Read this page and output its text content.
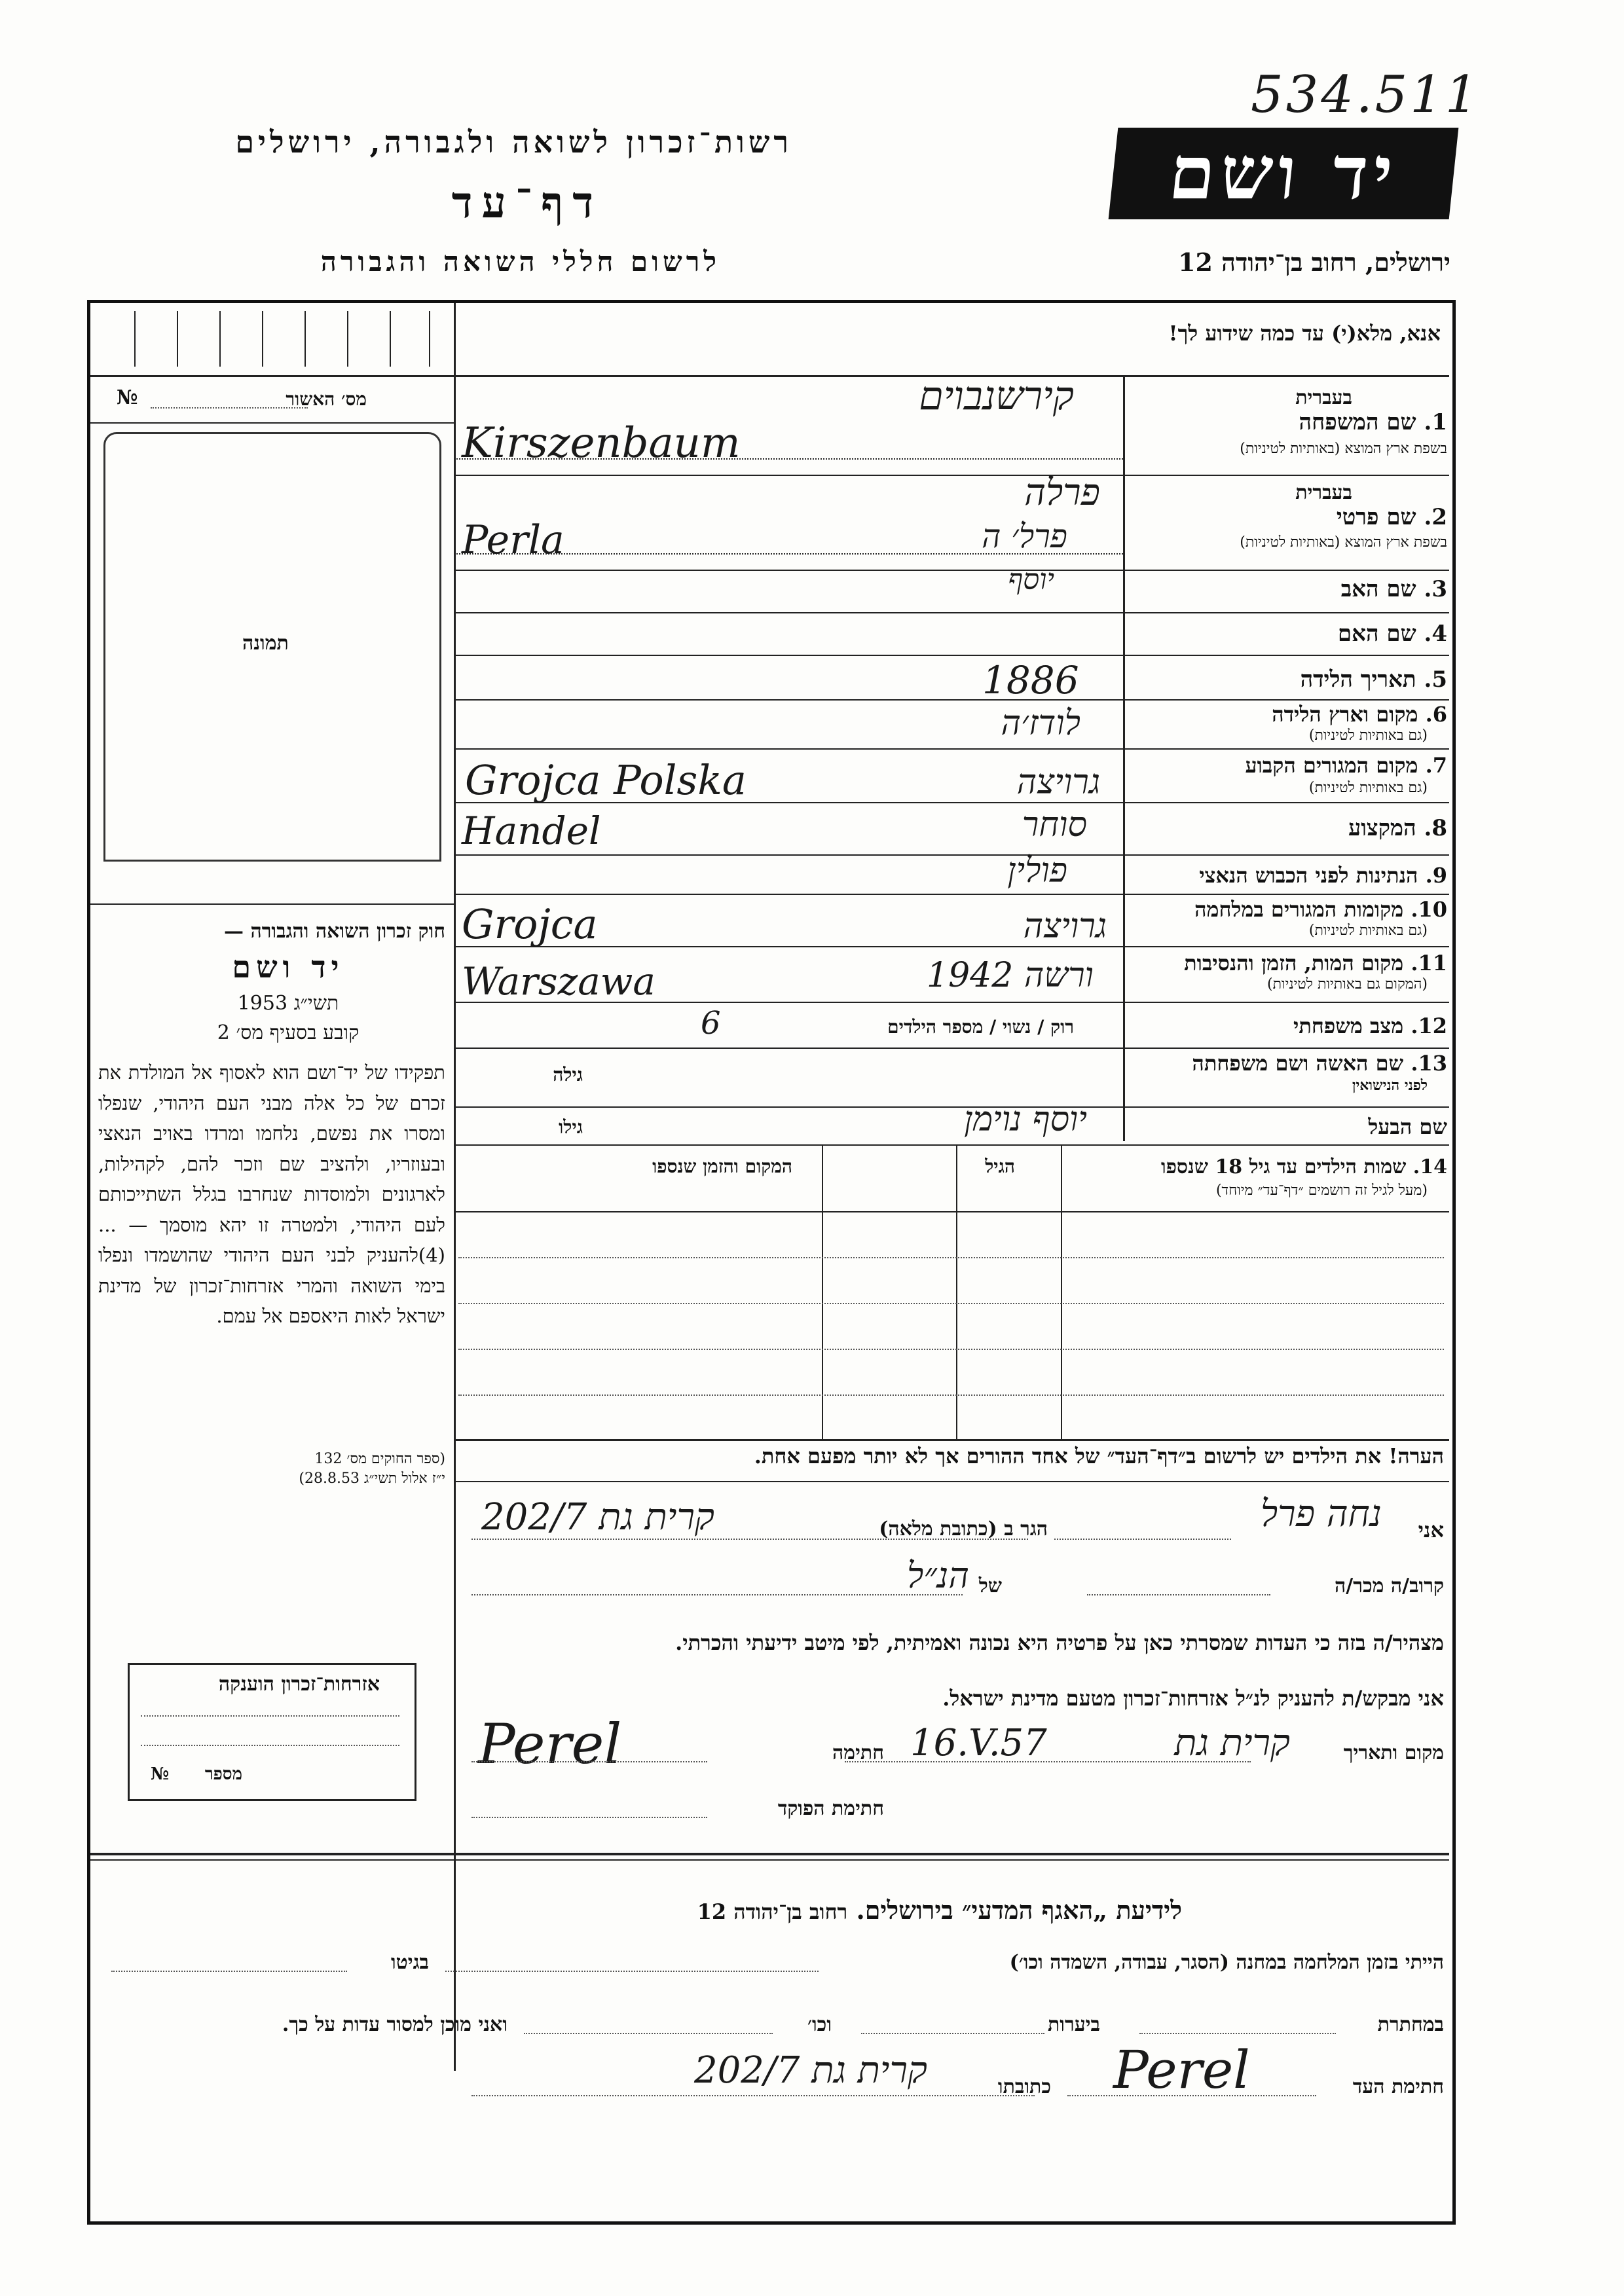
534.511
רשות־זכרון לשואה ולגבורה, ירושלים
דף־עד
לרשום חללי השואה והגבורה
יד ושם
ירושלים, רחוב בן־יהודה 12
אנא, מלא(י) עד כמה שידוע לך!
מס׳ האשור
№
תמונה
בעברית
1. שם המשפחה
בשפת ארץ המוצא (באותיות לטיניות)
קירשנבוים
Kirszenbaum
בעברית
2. שם פרטי
בשפת ארץ המוצא (באותיות לטיניות)
פרלה
Perla	פרל׳ ה
3. שם האב
יוסף
4. שם האם
5. תאריך הלידה
1886
6. מקום וארץ הלידה
(גם באותיות לטיניות)
לודז׳ה
7. מקום המגורים הקבוע
(גם באותיות לטיניות)
גרויצה
Grojca Polska
8. המקצוע
סוחר
Handel
9. הנתינות לפני הכבוש הנאצי
פולין
10. מקומות המגורים במלחמה
(גם באותיות לטיניות)
גרויצה
Grojca
11. מקום המות, הזמן והנסיבות
(המקום גם באותיות לטיניות)
ורשה 1942
Warszawa
12. מצב משפחתי
רוק / נשוי / מספר הילדים
6
13. שם האשה ושם משפחתה
לפני הנישואין
גילה
שם הבעל
גילו	יוסף נוימן
14. שמות הילדים עד גיל 18 שנספו
(מעל לגיל זה רושמים ״דף־עד״ מיוחד)
הגיל
המקום והזמן שנספו
חוק זכרון השואה והגבורה —
יד ושם
תשי״ג 1953
קובע בסעיף מס׳ 2
תפקידו של יד־ושם הוא לאסוף אל המולדת את זכרם של כל אלה מבני העם היהודי, שנפלו ומסרו את נפשם, נלחמו ומרדו באויב הנאצי ובעוזריו, ולהציב שם וזכר להם, לקהילות, לארגונים ולמוסדות שנחרבו בגלל השתייכותם לעם היהודי, ולמטרה זו יהא מוסמך — ...(4)להעניק לבני העם היהודי שהושמדו ונפלו בימי השואה והמרי אזרחות־זכרון של מדינת ישראל לאות היאספם אל עמם.
(ספר החוקים מס׳ 132
י״ז אלול תשי״ג 28.8.53)
הערה! את הילדים יש לרשום ב״דף־העד״ של אחד ההורים אך לא יותר מפעם אחת.
אני
נחה פרל
הגר ב (כתובת מלאה)
קרית גת 202/7
קרוב/ה מכר/ה
של
הנ״ל
מצהיר/ה בזה כי העדות שמסרתי כאן על פרטיה היא נכונה ואמיתית, לפי מיטב ידיעתי והכרתי.
אני מבקש/ת להעניק לנ״ל אזרחות־זכרון מטעם מדינת ישראל.
מקום ותאריך
קרית גת
16.V.57
חתימה
Perel
חתימת הפוקד
אזרחות־זכרון הוענקה
מספר
№
לידיעת „האגף המדעי״ בירושלים. רחוב בן־יהודה 12
הייתי בזמן המלחמה במחנה (הסגר, עבודה, השמדה וכו׳)
בגיטו
במחתרת
ביערות
וכו׳
ואני מוכן למסור עדות על כך.
חתימת העד
Perel
כתובתו
קרית גת 202/7
